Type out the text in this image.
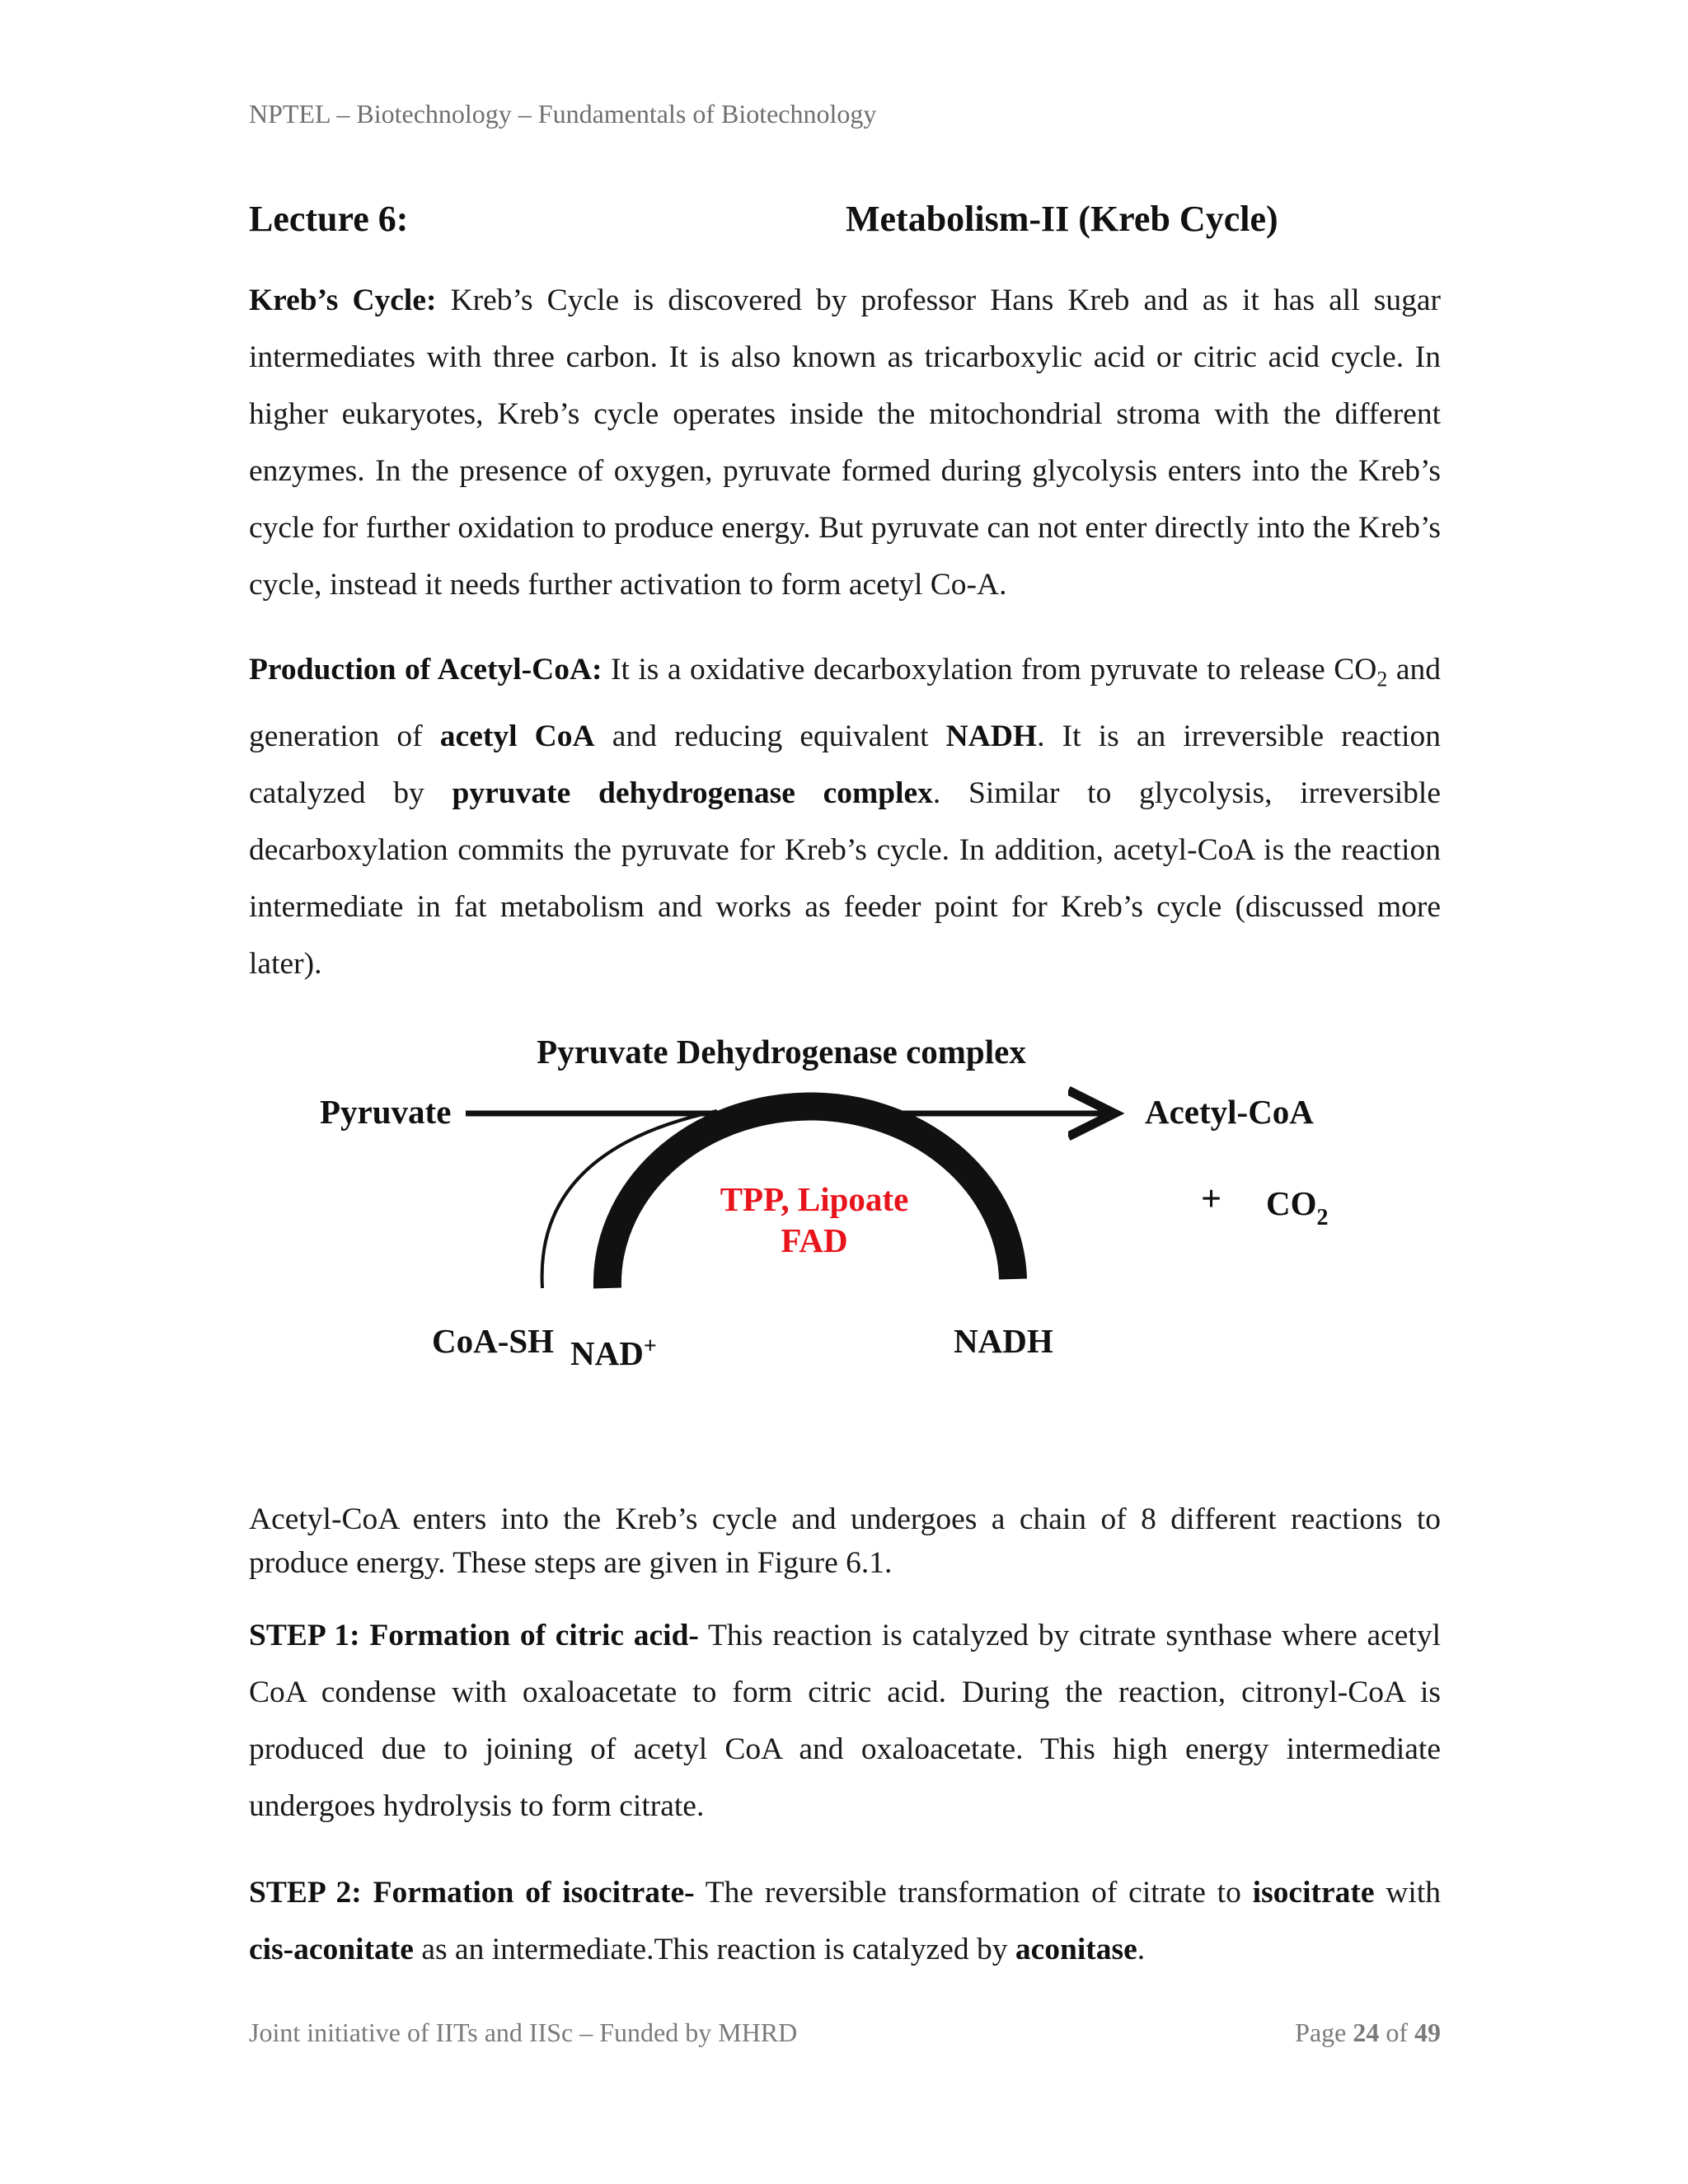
NPTEL – Biotechnology – Fundamentals of Biotechnology
Lecture 6:	Metabolism-II (Kreb Cycle)
Kreb’s Cycle: Kreb’s Cycle is discovered by professor Hans Kreb and as it has all sugar intermediates with three carbon. It is also known as tricarboxylic acid or citric acid cycle. In higher eukaryotes, Kreb’s cycle operates inside the mitochondrial stroma with the different enzymes. In the presence of oxygen, pyruvate formed during glycolysis enters into the Kreb’s cycle for further oxidation to produce energy. But pyruvate can not enter directly into the Kreb’s cycle, instead it needs further activation to form acetyl Co-A.
Production of Acetyl-CoA: It is a oxidative decarboxylation from pyruvate to release $CO_2$ and generation of acetyl CoA and reducing equivalent NADH. It is an irreversible reaction catalyzed by pyruvate dehydrogenase complex. Similar to glycolysis, irreversible decarboxylation commits the pyruvate for Kreb’s cycle. In addition, acetyl-CoA is the reaction intermediate in fat metabolism and works as feeder point for Kreb’s cycle (discussed more later).
Pyruvate Dehydrogenase complex
Pyruvate	Acetyl-CoA
TPP, Lipoate
FAD
+ $CO_2$
CoA-SH NAD+	NADH
Acetyl-CoA enters into the Kreb’s cycle and undergoes a chain of 8 different reactions to produce energy. These steps are given in Figure 6.1.
STEP 1: Formation of citric acid- This reaction is catalyzed by citrate synthase where acetyl CoA condense with oxaloacetate to form citric acid. During the reaction, citronyl-CoA is produced due to joining of acetyl CoA and oxaloacetate. This high energy intermediate undergoes hydrolysis to form citrate.
STEP 2: Formation of isocitrate- The reversible transformation of citrate to isocitrate with cis-aconitate as an intermediate.This reaction is catalyzed by aconitase.
Joint initiative of IITs and IISc – Funded by MHRD	Page 24 of 49
